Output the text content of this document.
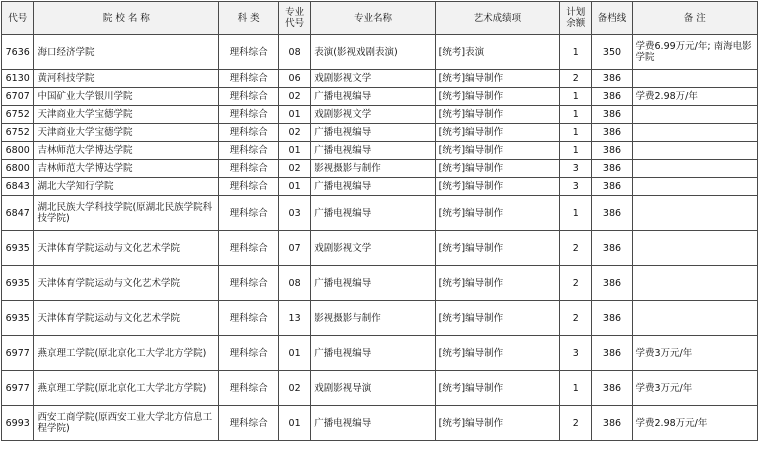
代号	院 校 名 称	科 类	专业代号	专业名称	艺术成绩项	计划余额	备档线	备 注
7636	海口经济学院	理科综合	08	表演(影视戏剧表演)	[统考]表演	1	350	学费6.99万元/年; 南海电影学院
6130	黄河科技学院	理科综合	06	戏剧影视文学	[统考]编导制作	2	386	
6707	中国矿业大学银川学院	理科综合	02	广播电视编导	[统考]编导制作	1	386	学费2.98万/年
6752	天津商业大学宝德学院	理科综合	01	戏剧影视文学	[统考]编导制作	1	386	
6752	天津商业大学宝德学院	理科综合	02	广播电视编导	[统考]编导制作	1	386	
6800	吉林师范大学博达学院	理科综合	01	广播电视编导	[统考]编导制作	1	386	
6800	吉林师范大学博达学院	理科综合	02	影视摄影与制作	[统考]编导制作	3	386	
6843	湖北大学知行学院	理科综合	01	广播电视编导	[统考]编导制作	3	386	
6847	湖北民族大学科技学院(原湖北民族学院科技学院)	理科综合	03	广播电视编导	[统考]编导制作	1	386	
6935	天津体育学院运动与文化艺术学院	理科综合	07	戏剧影视文学	[统考]编导制作	2	386	
6935	天津体育学院运动与文化艺术学院	理科综合	08	广播电视编导	[统考]编导制作	2	386	
6935	天津体育学院运动与文化艺术学院	理科综合	13	影视摄影与制作	[统考]编导制作	2	386	
6977	燕京理工学院(原北京化工大学北方学院)	理科综合	01	广播电视编导	[统考]编导制作	3	386	学费3万元/年
6977	燕京理工学院(原北京化工大学北方学院)	理科综合	02	戏剧影视导演	[统考]编导制作	1	386	学费3万元/年
6993	西安工商学院(原西安工业大学北方信息工程学院)	理科综合	01	广播电视编导	[统考]编导制作	2	386	学费2.98万元/年
